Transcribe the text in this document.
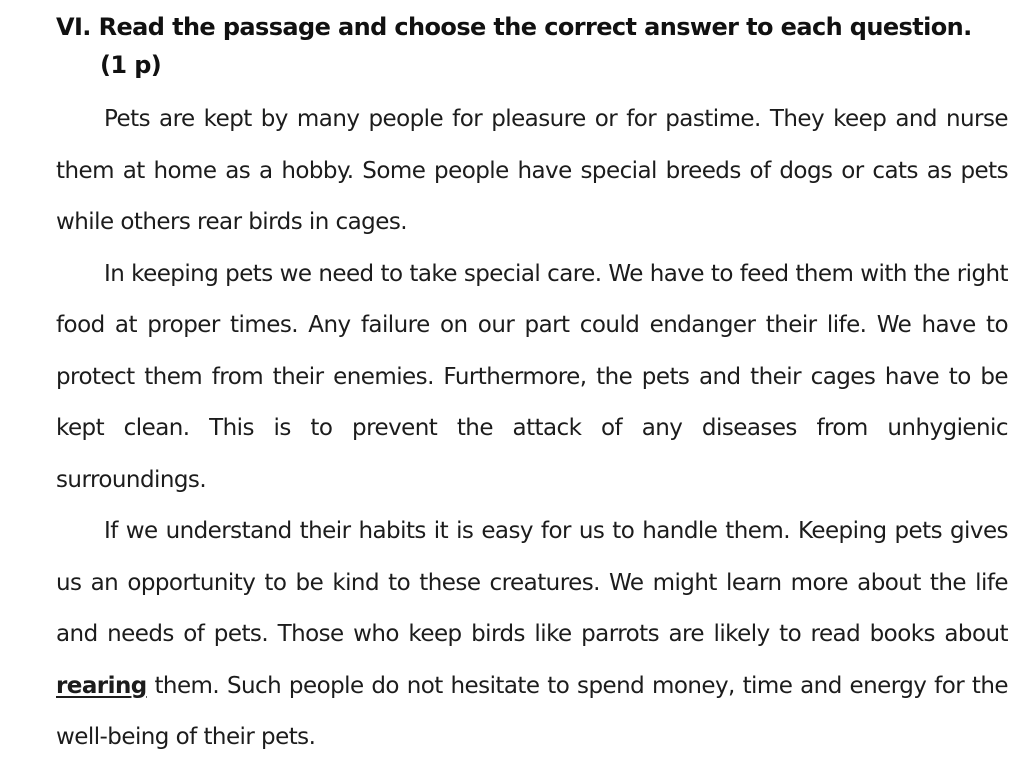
VI. Read the passage and choose the correct answer to each question.
(1 p)

Pets are kept by many people for pleasure or for pastime. They keep and nurse them at home as a hobby. Some people have special breeds of dogs or cats as pets while others rear birds in cages.

In keeping pets we need to take special care. We have to feed them with the right food at proper times. Any failure on our part could endanger their life. We have to protect them from their enemies. Furthermore, the pets and their cages have to be kept clean. This is to prevent the attack of any diseases from unhygienic surroundings.

If we understand their habits it is easy for us to handle them. Keeping pets gives us an opportunity to be kind to these creatures. We might learn more about the life and needs of pets. Those who keep birds like parrots are likely to read books about rearing them. Such people do not hesitate to spend money, time and energy for the well-being of their pets.
